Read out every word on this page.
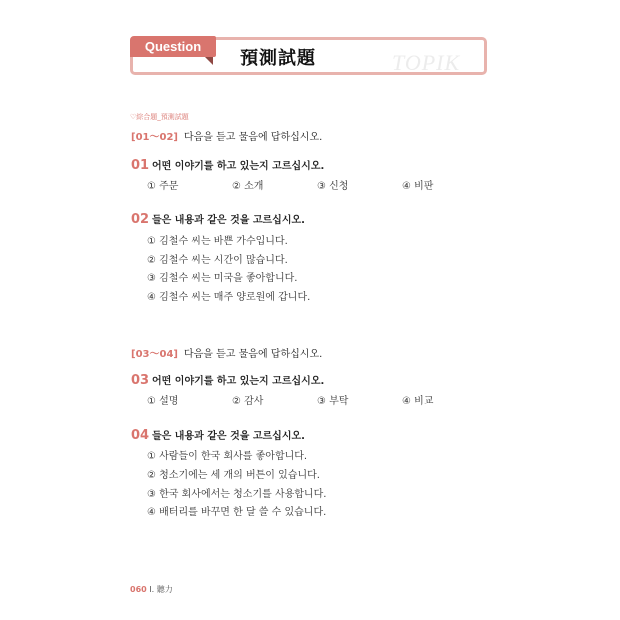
Question
預測試題	TOPIK
♡綜合題_預測試題
[01～02] 다음을 듣고 물음에 답하십시오.
01 어떤 이야기를 하고 있는지 고르십시오.
① 주문	② 소개	③ 신청	④ 비판
02 들은 내용과 같은 것을 고르십시오.
① 김철수 씨는 바쁜 가수입니다.
② 김철수 씨는 시간이 많습니다.
③ 김철수 씨는 미국을 좋아합니다.
④ 김철수 씨는 매주 양로원에 갑니다.
[03～04] 다음을 듣고 물음에 답하십시오.
03 어떤 이야기를 하고 있는지 고르십시오.
① 설명	② 감사	③ 부탁	④ 비교
04 들은 내용과 같은 것을 고르십시오.
① 사람들이 한국 회사를 좋아합니다.
② 청소기에는 세 개의 버튼이 있습니다.
③ 한국 회사에서는 청소기를 사용합니다.
④ 배터리를 바꾸면 한 달 쓸 수 있습니다.
060 I. 聽力
